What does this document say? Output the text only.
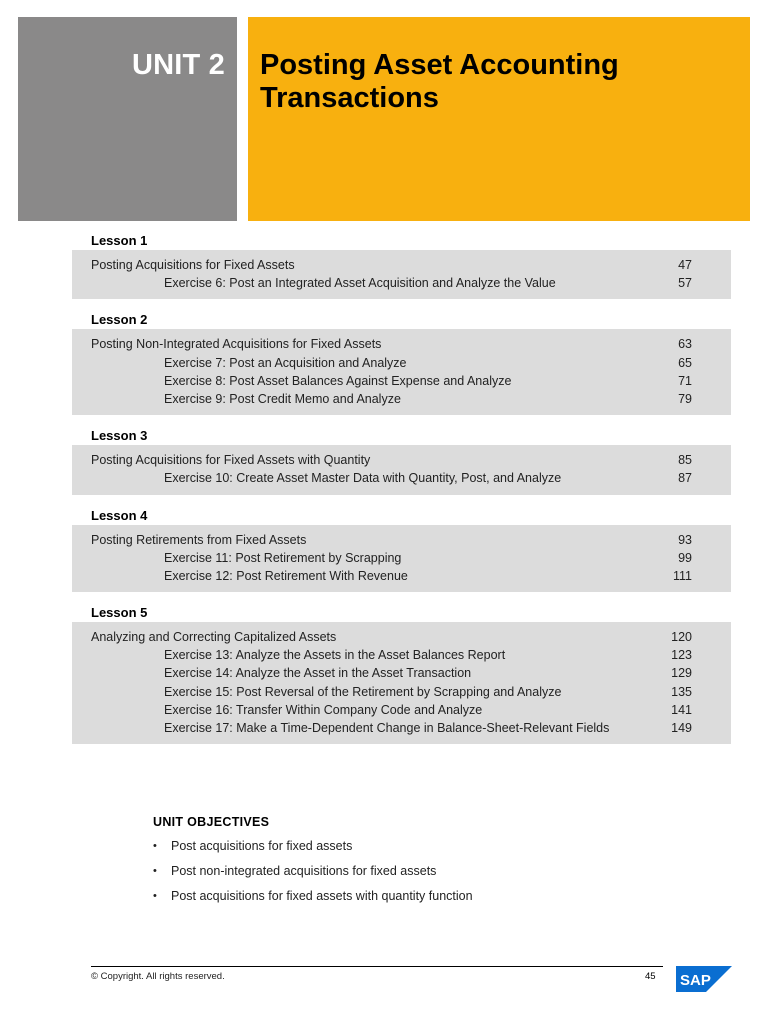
UNIT 2 Posting Asset Accounting Transactions
Lesson 1
Posting Acquisitions for Fixed Assets	47
Exercise 6: Post an Integrated Asset Acquisition and Analyze the Value	57
Lesson 2
Posting Non-Integrated Acquisitions for Fixed Assets	63
Exercise 7: Post an Acquisition and Analyze	65
Exercise 8: Post Asset Balances Against Expense and Analyze	71
Exercise 9: Post Credit Memo and Analyze	79
Lesson 3
Posting Acquisitions for Fixed Assets with Quantity	85
Exercise 10: Create Asset Master Data with Quantity, Post, and Analyze	87
Lesson 4
Posting Retirements from Fixed Assets	93
Exercise 11: Post Retirement by Scrapping	99
Exercise 12: Post Retirement With Revenue	111
Lesson 5
Analyzing and Correcting Capitalized Assets	120
Exercise 13: Analyze the Assets in the Asset Balances Report	123
Exercise 14: Analyze the Asset in the Asset Transaction	129
Exercise 15: Post Reversal of the Retirement by Scrapping and Analyze	135
Exercise 16: Transfer Within Company Code and Analyze	141
Exercise 17: Make a Time-Dependent Change in Balance-Sheet-Relevant Fields	149
UNIT OBJECTIVES
• Post acquisitions for fixed assets
• Post non-integrated acquisitions for fixed assets
• Post acquisitions for fixed assets with quantity function
© Copyright. All rights reserved.	45 SAP
